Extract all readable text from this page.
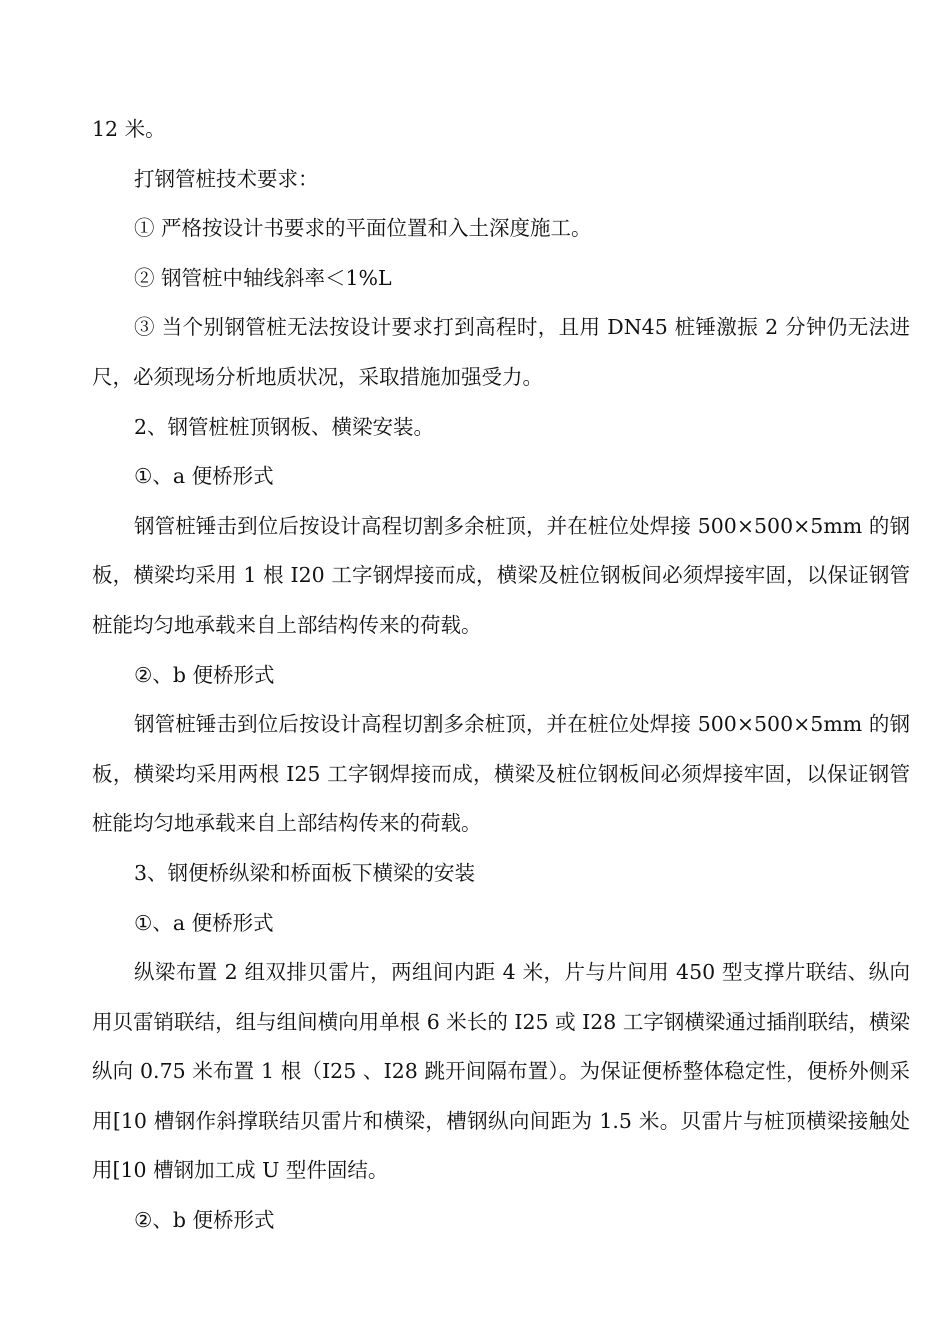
12 米。

打钢管桩技术要求：

① 严格按设计书要求的平面位置和入土深度施工。

② 钢管桩中轴线斜率＜1%L

③ 当个别钢管桩无法按设计要求打到高程时，且用 DN45 桩锤激振 2 分钟仍无法进尺，必须现场分析地质状况，采取措施加强受力。

2、钢管桩桩顶钢板、横梁安装。

①、a 便桥形式

钢管桩锤击到位后按设计高程切割多余桩顶，并在桩位处焊接 500×500×5mm 的钢板，横梁均采用 1 根 I20 工字钢焊接而成，横梁及桩位钢板间必须焊接牢固，以保证钢管桩能均匀地承载来自上部结构传来的荷载。

②、b 便桥形式

钢管桩锤击到位后按设计高程切割多余桩顶，并在桩位处焊接 500×500×5mm 的钢板，横梁均采用两根 I25 工字钢焊接而成，横梁及桩位钢板间必须焊接牢固，以保证钢管桩能均匀地承载来自上部结构传来的荷载。

3、钢便桥纵梁和桥面板下横梁的安装

①、a 便桥形式

纵梁布置 2 组双排贝雷片，两组间内距 4 米，片与片间用 450 型支撑片联结、纵向用贝雷销联结，组与组间横向用单根 6 米长的 I25 或 I28 工字钢横梁通过插削联结，横梁纵向 0.75 米布置 1 根（I25 、I28 跳开间隔布置）。为保证便桥整体稳定性，便桥外侧采用[10 槽钢作斜撑联结贝雷片和横梁，槽钢纵向间距为 1.5 米。贝雷片与桩顶横梁接触处用[10 槽钢加工成 U 型件固结。

②、b 便桥形式
